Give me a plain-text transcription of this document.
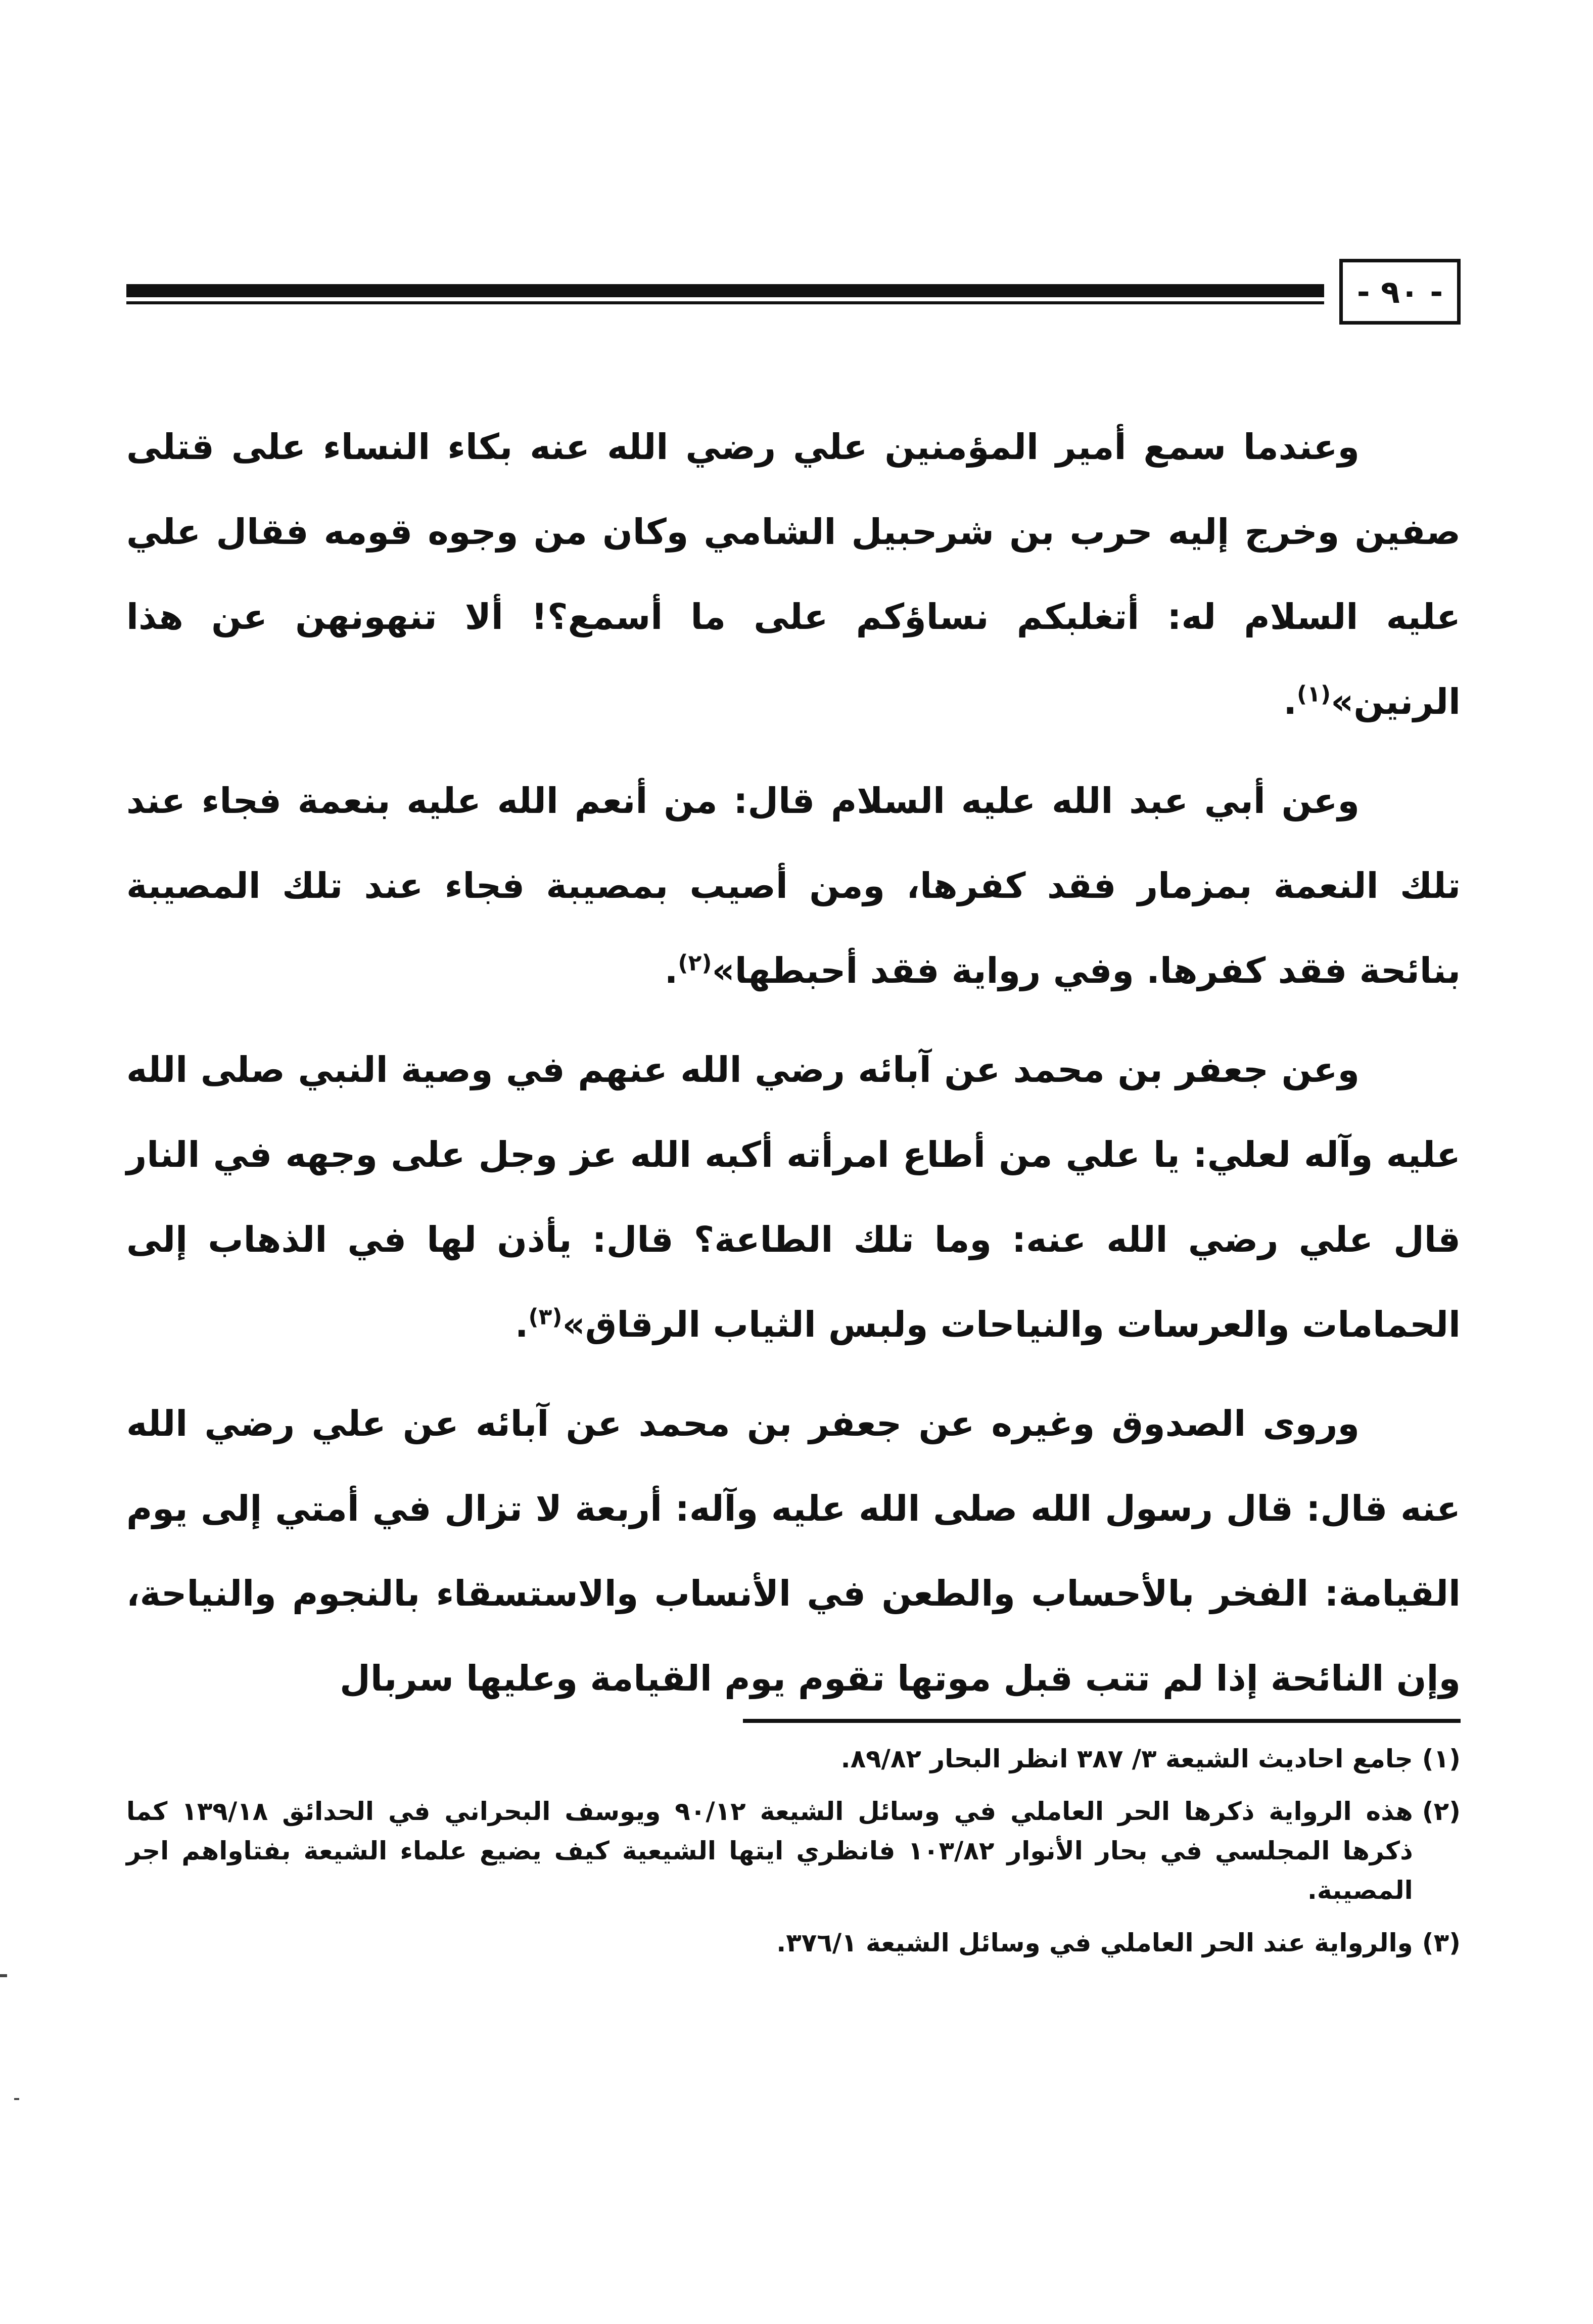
- ٩٠ -

وعندما سمع أمير المؤمنين علي رضي الله عنه بكاء النساء على قتلى صفين وخرج إليه حرب بن شرحبيل الشامي وكان من وجوه قومه فقال علي عليه السلام له: أتغلبكم نساؤكم على ما أسمع؟! ألا تنهونهن عن هذا الرنين»$^{(١)}$.

وعن أبي عبد الله عليه السلام قال: من أنعم الله عليه بنعمة فجاء عند تلك النعمة بمزمار فقد كفرها، ومن أصيب بمصيبة فجاء عند تلك المصيبة بنائحة فقد كفرها. وفي رواية فقد أحبطها»$^{(٢)}$.

وعن جعفر بن محمد عن آبائه رضي الله عنهم في وصية النبي صلى الله عليه وآله لعلي: يا علي من أطاع امرأته أكبه الله عز وجل على وجهه في النار قال علي رضي الله عنه: وما تلك الطاعة؟ قال: يأذن لها في الذهاب إلى الحمامات والعرسات والنياحات ولبس الثياب الرقاق»$^{(٣)}$.

وروى الصدوق وغيره عن جعفر بن محمد عن آبائه عن علي رضي الله عنه قال: قال رسول الله صلى الله عليه وآله: أربعة لا تزال في أمتي إلى يوم القيامة: الفخر بالأحساب والطعن في الأنساب والاستسقاء بالنجوم والنياحة، وإن النائحة إذا لم تتب قبل موتها تقوم يوم القيامة وعليها سربال

(١)
جامع احاديث الشيعة ٣/ ٣٨٧ انظر البحار ٨٩/٨٢.
(٢)
هذه الرواية ذكرها الحر العاملي في وسائل الشيعة ٩٠/١٢ ويوسف البحراني في الحدائق ١٣٩/١٨ كما ذكرها المجلسي في بحار الأنوار ١٠٣/٨٢ فانظري ايتها الشيعية كيف يضيع علماء الشيعة بفتاواهم اجر المصيبة.
(٣)
والرواية عند الحر العاملي في وسائل الشيعة ٣٧٦/١.
